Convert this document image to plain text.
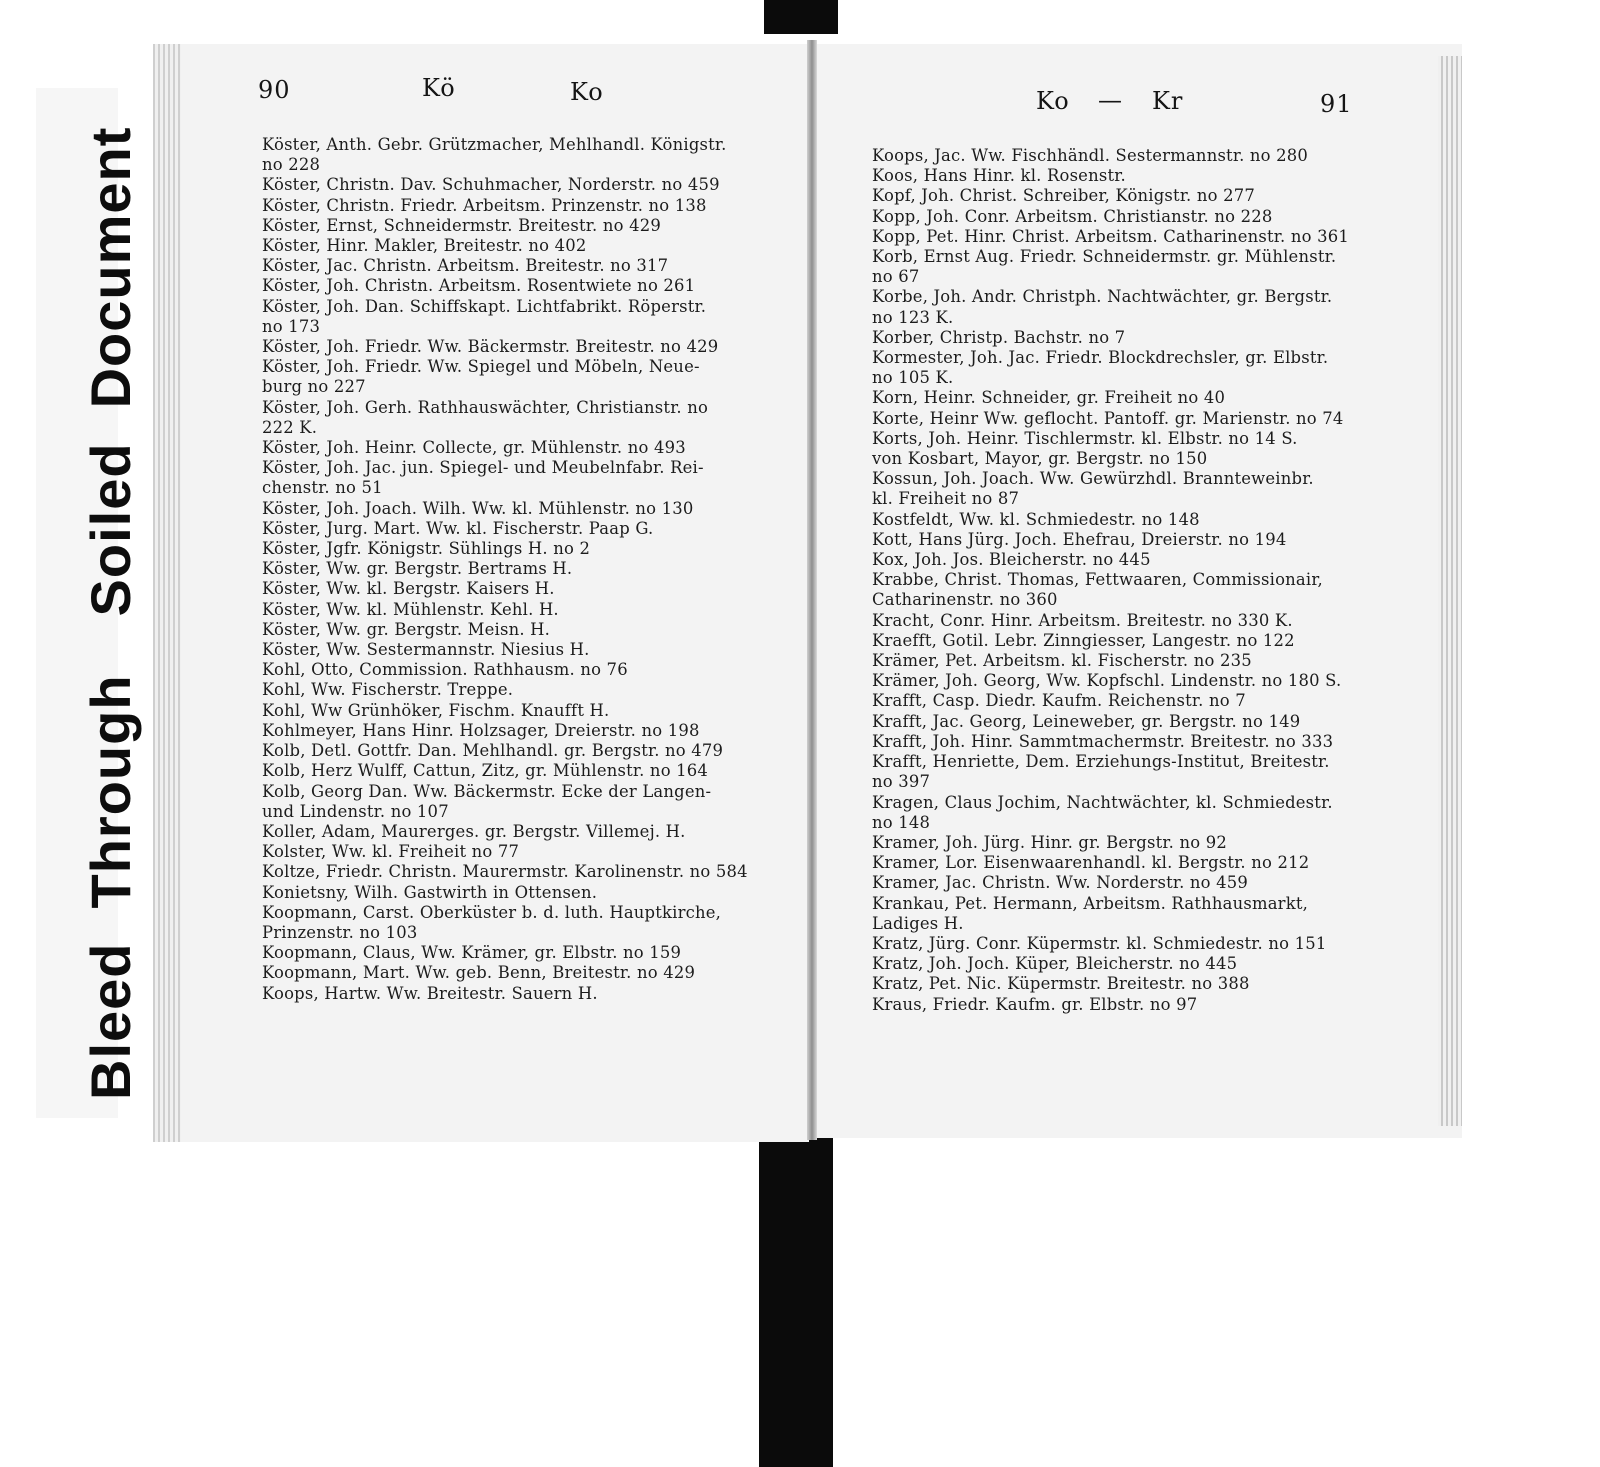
BleedThroughSoiledDocument
90	Kö	Ko	Ko — Kr	91
Köster, Anth. Gebr. Grützmacher, Mehlhandl. Königstr.
no 228
Köster, Christn. Dav. Schuhmacher, Norderstr. no 459
Köster, Christn. Friedr. Arbeitsm. Prinzenstr. no 138
Köster, Ernst, Schneidermstr. Breitestr. no 429
Köster, Hinr. Makler, Breitestr. no 402
Köster, Jac. Christn. Arbeitsm. Breitestr. no 317
Köster, Joh. Christn. Arbeitsm. Rosentwiete no 261
Köster, Joh. Dan. Schiffskapt. Lichtfabrikt. Röperstr.
no 173
Köster, Joh. Friedr. Ww. Bäckermstr. Breitestr. no 429
Köster, Joh. Friedr. Ww. Spiegel und Möbeln, Neue-
burg no 227
Köster, Joh. Gerh. Rathhauswächter, Christianstr. no
222 K.
Köster, Joh. Heinr. Collecte, gr. Mühlenstr. no 493
Köster, Joh. Jac. jun. Spiegel- und Meubelnfabr. Rei-
chenstr. no 51
Köster, Joh. Joach. Wilh. Ww. kl. Mühlenstr. no 130
Köster, Jurg. Mart. Ww. kl. Fischerstr. Paap G.
Köster, Jgfr. Königstr. Sühlings H. no 2
Köster, Ww. gr. Bergstr. Bertrams H.
Köster, Ww. kl. Bergstr. Kaisers H.
Köster, Ww. kl. Mühlenstr. Kehl. H.
Köster, Ww. gr. Bergstr. Meisn. H.
Köster, Ww. Sestermannstr. Niesius H.
Kohl, Otto, Commission. Rathhausm. no 76
Kohl, Ww. Fischerstr. Treppe.
Kohl, Ww Grünhöker, Fischm. Knaufft H.
Kohlmeyer, Hans Hinr. Holzsager, Dreierstr. no 198
Kolb, Detl. Gottfr. Dan. Mehlhandl. gr. Bergstr. no 479
Kolb, Herz Wulff, Cattun, Zitz, gr. Mühlenstr. no 164
Kolb, Georg Dan. Ww. Bäckermstr. Ecke der Langen-
und Lindenstr. no 107
Koller, Adam, Maurerges. gr. Bergstr. Villemej. H.
Kolster, Ww. kl. Freiheit no 77
Koltze, Friedr. Christn. Maurermstr. Karolinenstr. no 584
Konietsny, Wilh. Gastwirth in Ottensen.
Koopmann, Carst. Oberküster b. d. luth. Hauptkirche,
Prinzenstr. no 103
Koopmann, Claus, Ww. Krämer, gr. Elbstr. no 159
Koopmann, Mart. Ww. geb. Benn, Breitestr. no 429
Koops, Hartw. Ww. Breitestr. Sauern H.
Koops, Jac. Ww. Fischhändl. Sestermannstr. no 280
Koos, Hans Hinr. kl. Rosenstr.
Kopf, Joh. Christ. Schreiber, Königstr. no 277
Kopp, Joh. Conr. Arbeitsm. Christianstr. no 228
Kopp, Pet. Hinr. Christ. Arbeitsm. Catharinenstr. no 361
Korb, Ernst Aug. Friedr. Schneidermstr. gr. Mühlenstr.
no 67
Korbe, Joh. Andr. Christph. Nachtwächter, gr. Bergstr.
no 123 K.
Korber, Christp. Bachstr. no 7
Kormester, Joh. Jac. Friedr. Blockdrechsler, gr. Elbstr.
no 105 K.
Korn, Heinr. Schneider, gr. Freiheit no 40
Korte, Heinr Ww. geflocht. Pantoff. gr. Marienstr. no 74
Korts, Joh. Heinr. Tischlermstr. kl. Elbstr. no 14 S.
von Kosbart, Mayor, gr. Bergstr. no 150
Kossun, Joh. Joach. Ww. Gewürzhdl. Brannteweinbr.
kl. Freiheit no 87
Kostfeldt, Ww. kl. Schmiedestr. no 148
Kott, Hans Jürg. Joch. Ehefrau, Dreierstr. no 194
Kox, Joh. Jos. Bleicherstr. no 445
Krabbe, Christ. Thomas, Fettwaaren, Commissionair,
Catharinenstr. no 360
Kracht, Conr. Hinr. Arbeitsm. Breitestr. no 330 K.
Kraefft, Gotil. Lebr. Zinngiesser, Langestr. no 122
Krämer, Pet. Arbeitsm. kl. Fischerstr. no 235
Krämer, Joh. Georg, Ww. Kopfschl. Lindenstr. no 180 S.
Krafft, Casp. Diedr. Kaufm. Reichenstr. no 7
Krafft, Jac. Georg, Leineweber, gr. Bergstr. no 149
Krafft, Joh. Hinr. Sammtmachermstr. Breitestr. no 333
Krafft, Henriette, Dem. Erziehungs-Institut, Breitestr.
no 397
Kragen, Claus Jochim, Nachtwächter, kl. Schmiedestr.
no 148
Kramer, Joh. Jürg. Hinr. gr. Bergstr. no 92
Kramer, Lor. Eisenwaarenhandl. kl. Bergstr. no 212
Kramer, Jac. Christn. Ww. Norderstr. no 459
Krankau, Pet. Hermann, Arbeitsm. Rathhausmarkt,
Ladiges H.
Kratz, Jürg. Conr. Küpermstr. kl. Schmiedestr. no 151
Kratz, Joh. Joch. Küper, Bleicherstr. no 445
Kratz, Pet. Nic. Küpermstr. Breitestr. no 388
Kraus, Friedr. Kaufm. gr. Elbstr. no 97
